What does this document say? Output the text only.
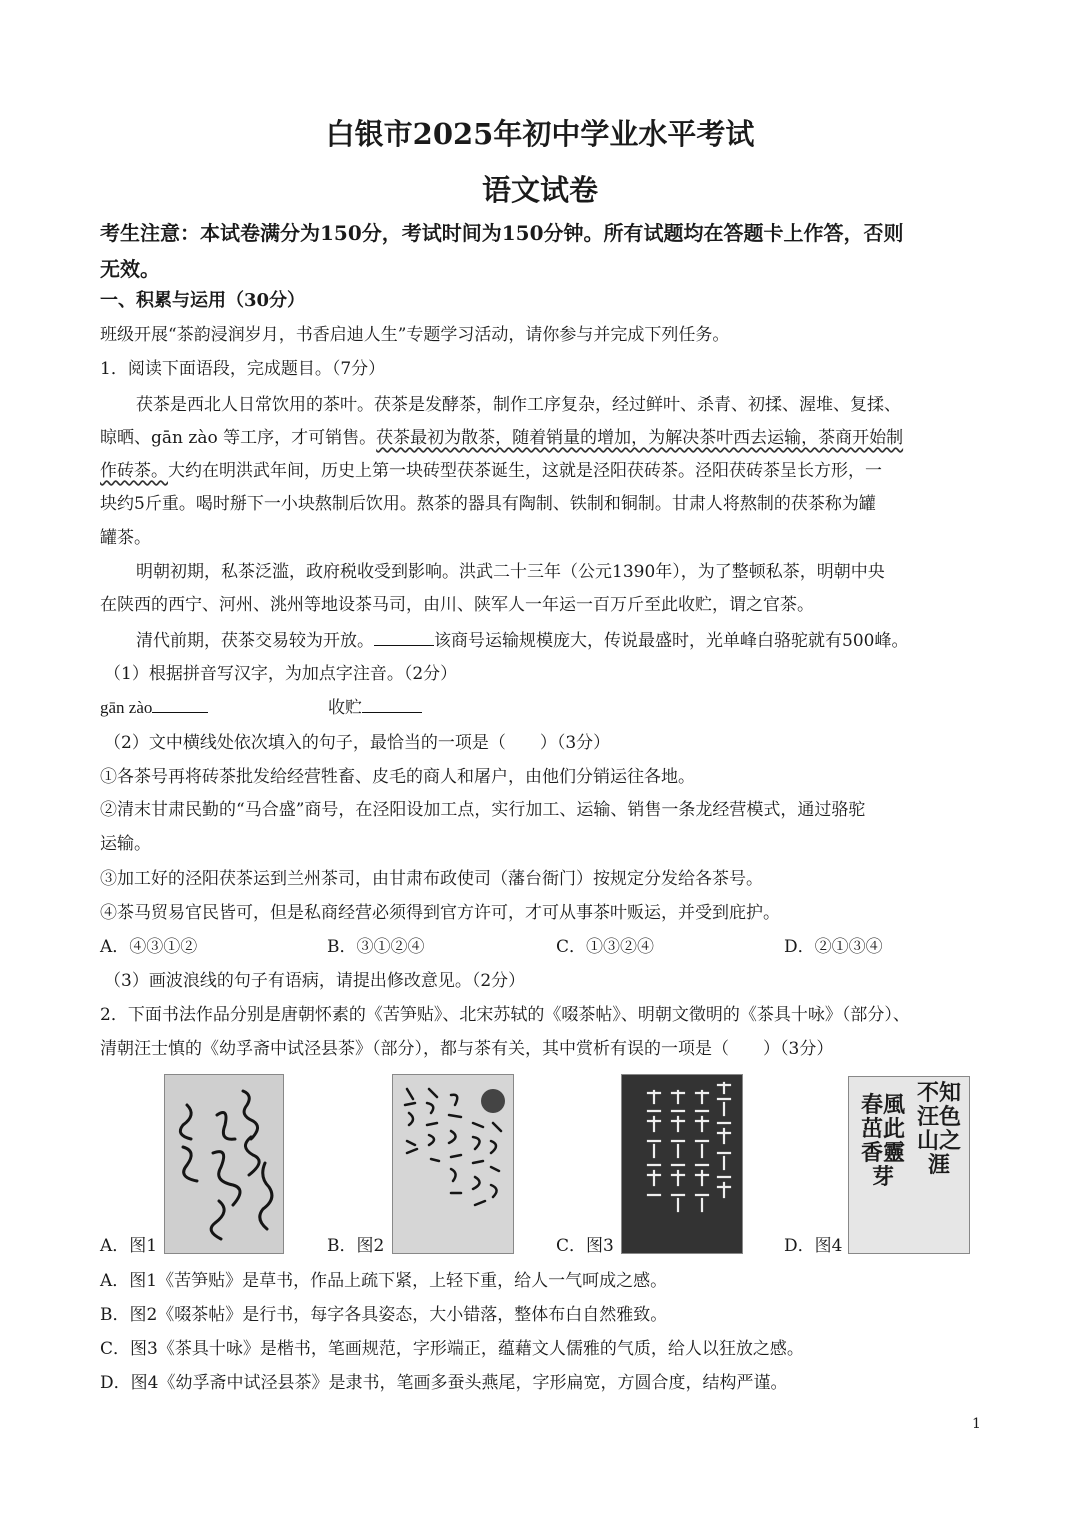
白银市2025年初中学业水平考试
语文试卷
考生注意：本试卷满分为150分，考试时间为150分钟。所有试题均在答题卡上作答，否则
无效。
一、积累与运用（30分）
班级开展“茶韵浸润岁月，书香启迪人生”专题学习活动，请你参与并完成下列任务。
1．阅读下面语段，完成题目。（7分）
茯茶是西北人日常饮用的茶叶。茯茶是发酵茶，制作工序复杂，经过鲜叶、杀青、初揉、渥堆、复揉、
晾晒、gān zào 等工序，才可销售。茯茶最初为散茶，随着销量的增加，为解决茶叶西去运输，茶商开始制
作砖茶。大约在明洪武年间，历史上第一块砖型茯茶诞生，这就是泾阳茯砖茶。泾阳茯砖茶呈长方形，一
块约5斤重。喝时掰下一小块熬制后饮用。熬茶的器具有陶制、铁制和铜制。甘肃人将熬制的茯茶称为罐
罐茶。
明朝初期，私茶泛滥，政府税收受到影响。洪武二十三年（公元1390年），为了整顿私茶，明朝中央
在陕西的西宁、河州、洮州等地设茶马司，由川、陕军人一年运一百万斤至此收贮，谓之官茶。
清代前期，茯茶交易较为开放。	该商号运输规模庞大，传说最盛时，光单峰白骆驼就有500峰。
（1）根据拼音写汉字，为加点字注音。（2分）
gān zào	收贮
（2）文中横线处依次填入的句子，最恰当的一项是（　　）（3分）
①各茶号再将砖茶批发给经营牲畜、皮毛的商人和屠户，由他们分销运往各地。
②清末甘肃民勤的“马合盛”商号，在泾阳设加工点，实行加工、运输、销售一条龙经营模式，通过骆驼
运输。
③加工好的泾阳茯茶运到兰州茶司，由甘肃布政使司（藩台衙门）按规定分发给各茶号。
④茶马贸易官民皆可，但是私商经营必须得到官方许可，才可从事茶叶贩运，并受到庇护。
A．④③①②	B．③①②④	C．①③②④	D．②①③④
（3）画波浪线的句子有语病，请提出修改意见。（2分）
2．下面书法作品分别是唐朝怀素的《苦笋贴》、北宋苏轼的《啜茶帖》、明朝文徵明的《茶具十咏》（部分）、
清朝汪士慎的《幼孚斋中试泾县茶》（部分），都与茶有关，其中赏析有误的一项是（　　）（3分）
不知汪色山之涯
春風茁此香靈芽
A．图1	B．图2	C．图3	D．图4
A．图1《苦笋贴》是草书，作品上疏下紧，上轻下重，给人一气呵成之感。
B．图2《啜茶帖》是行书，每字各具姿态，大小错落，整体布白自然雅致。
C．图3《茶具十咏》是楷书，笔画规范，字形端正，蕴藉文人儒雅的气质，给人以狂放之感。
D．图4《幼孚斋中试泾县茶》是隶书，笔画多蚕头燕尾，字形扁宽，方圆合度，结构严谨。
1
